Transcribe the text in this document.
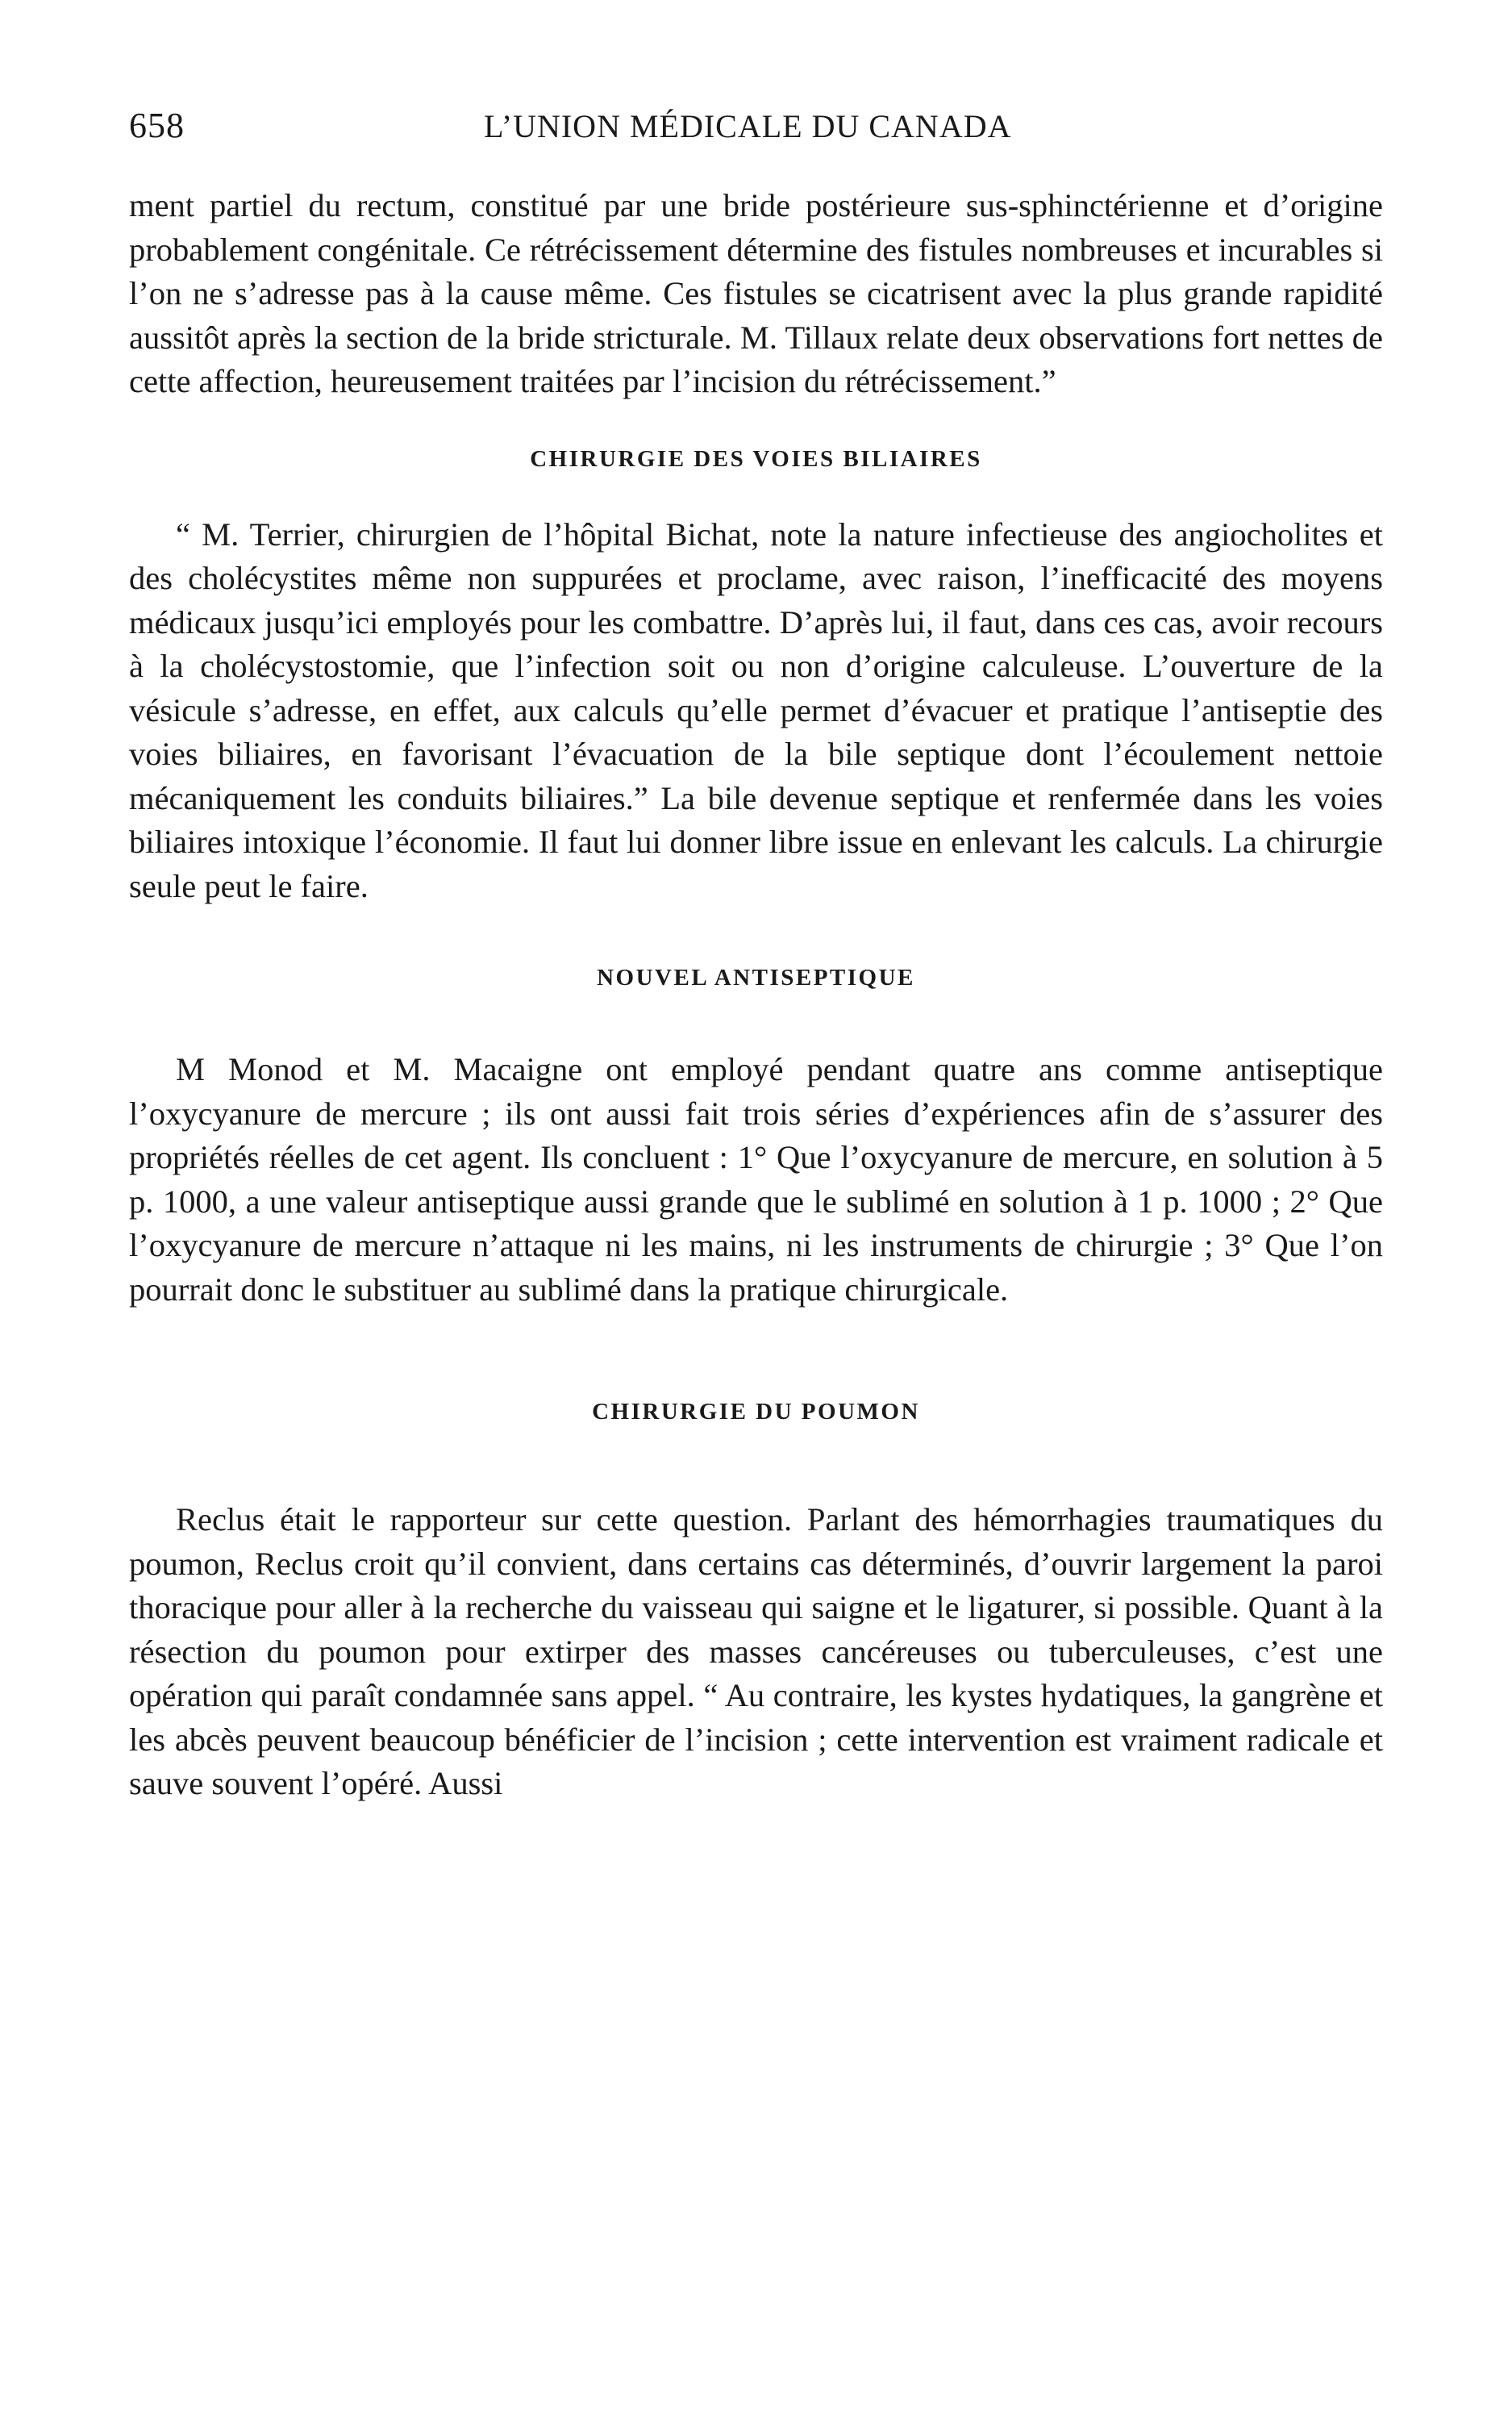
658	L’UNION MÉDICALE DU CANADA

ment partiel du rectum, constitué par une bride postérieure sus-sphinctérienne et d’origine probablement congénitale. Ce rétrécissement détermine des fistules nombreuses et incurables si l’on ne s’adresse pas à la cause même. Ces fistules se cicatrisent avec la plus grande rapidité aussitôt après la section de la bride stricturale. M. Tillaux relate deux observations fort nettes de cette affection, heureusement traitées par l’incision du rétrécissement.”

CHIRURGIE DES VOIES BILIAIRES

“ M. Terrier, chirurgien de l’hôpital Bichat, note la nature infectieuse des angiocholites et des cholécystites même non suppurées et proclame, avec raison, l’inefficacité des moyens médicaux jusqu’ici employés pour les combattre. D’après lui, il faut, dans ces cas, avoir recours à la cholécystostomie, que l’infection soit ou non d’origine calculeuse. L’ouverture de la vésicule s’adresse, en effet, aux calculs qu’elle permet d’évacuer et pratique l’antiseptie des voies biliaires, en favorisant l’évacuation de la bile septique dont l’écoulement nettoie mécaniquement les conduits biliaires.” La bile devenue septique et renfermée dans les voies biliaires intoxique l’économie. Il faut lui donner libre issue en enlevant les calculs. La chirurgie seule peut le faire.

NOUVEL ANTISEPTIQUE

M Monod et M. Macaigne ont employé pendant quatre ans comme antiseptique l’oxycyanure de mercure ; ils ont aussi fait trois séries d’expériences afin de s’assurer des propriétés réelles de cet agent. Ils concluent : 1° Que l’oxycyanure de mercure, en solution à 5 p. 1000, a une valeur antiseptique aussi grande que le sublimé en solution à 1 p. 1000 ; 2° Que l’oxycyanure de mercure n’attaque ni les mains, ni les instruments de chirurgie ; 3° Que l’on pourrait donc le substituer au sublimé dans la pratique chirurgicale.

CHIRURGIE DU POUMON

Reclus était le rapporteur sur cette question. Parlant des hémorrhagies traumatiques du poumon, Reclus croit qu’il convient, dans certains cas déterminés, d’ouvrir largement la paroi thoracique pour aller à la recherche du vaisseau qui saigne et le ligaturer, si possible. Quant à la résection du poumon pour extirper des masses cancéreuses ou tuberculeuses, c’est une opération qui paraît condamnée sans appel. “ Au contraire, les kystes hydatiques, la gangrène et les abcès peuvent beaucoup bénéficier de l’incision ; cette intervention est vraiment radicale et sauve souvent l’opéré. Aussi
